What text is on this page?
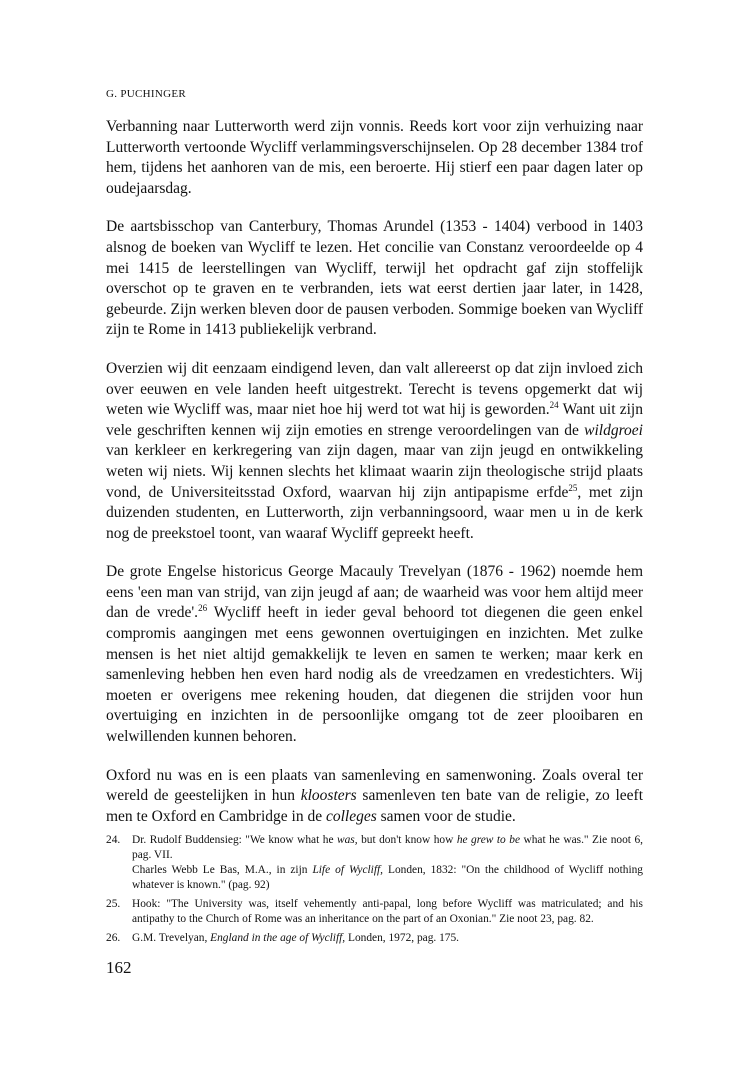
G. PUCHINGER

Verbanning naar Lutterworth werd zijn vonnis. Reeds kort voor zijn verhuizing naar Lutterworth vertoonde Wycliff verlammingsverschijnselen. Op 28 december 1384 trof hem, tijdens het aanhoren van de mis, een beroerte. Hij stierf een paar dagen later op oudejaarsdag.

De aartsbisschop van Canterbury, Thomas Arundel (1353 - 1404) verbood in 1403 alsnog de boeken van Wycliff te lezen. Het concilie van Constanz veroordeelde op 4 mei 1415 de leerstellingen van Wycliff, terwijl het opdracht gaf zijn stoffelijk overschot op te graven en te verbranden, iets wat eerst dertien jaar later, in 1428, gebeurde. Zijn werken bleven door de pausen verboden. Sommige boeken van Wycliff zijn te Rome in 1413 publiekelijk verbrand.

Overzien wij dit eenzaam eindigend leven, dan valt allereerst op dat zijn invloed zich over eeuwen en vele landen heeft uitgestrekt. Terecht is tevens opgemerkt dat wij weten wie Wycliff was, maar niet hoe hij werd tot wat hij is geworden.$^{24}$ Want uit zijn vele geschriften kennen wij zijn emoties en strenge veroordelingen van de wildgroei van kerkleer en kerkregering van zijn dagen, maar van zijn jeugd en ontwikkeling weten wij niets. Wij kennen slechts het klimaat waarin zijn theologische strijd plaats vond, de Universiteitsstad Oxford, waarvan hij zijn antipapisme erfde$^{25}$, met zijn duizenden studenten, en Lutterworth, zijn verbanningsoord, waar men u in de kerk nog de preekstoel toont, van waaraf Wycliff gepreekt heeft.

De grote Engelse historicus George Macauly Trevelyan (1876 - 1962) noemde hem eens 'een man van strijd, van zijn jeugd af aan; de waarheid was voor hem altijd meer dan de vrede'.$^{26}$ Wycliff heeft in ieder geval behoord tot diegenen die geen enkel compromis aangingen met eens gewonnen overtuigingen en inzichten. Met zulke mensen is het niet altijd gemakkelijk te leven en samen te werken; maar kerk en samenleving hebben hen even hard nodig als de vreedzamen en vredestichters. Wij moeten er overigens mee rekening houden, dat diegenen die strijden voor hun overtuiging en inzichten in de persoonlijke omgang tot de zeer plooibaren en welwillenden kunnen behoren.

Oxford nu was en is een plaats van samenleving en samenwoning. Zoals overal ter wereld de geestelijken in hun kloosters samenleven ten bate van de religie, zo leeft men te Oxford en Cambridge in de colleges samen voor de studie.

24.	Dr. Rudolf Buddensieg: "We know what he was, but don't know how he grew to be what he was." Zie noot 6, pag. VII.
Charles Webb Le Bas, M.A., in zijn Life of Wycliff, Londen, 1832: "On the childhood of Wycliff nothing whatever is known." (pag. 92)
25.	Hook: "The University was, itself vehemently anti-papal, long before Wycliff was matriculated; and his antipathy to the Church of Rome was an inheritance on the part of an Oxonian." Zie noot 23, pag. 82.
26.	G.M. Trevelyan, England in the age of Wycliff, Londen, 1972, pag. 175.
162
